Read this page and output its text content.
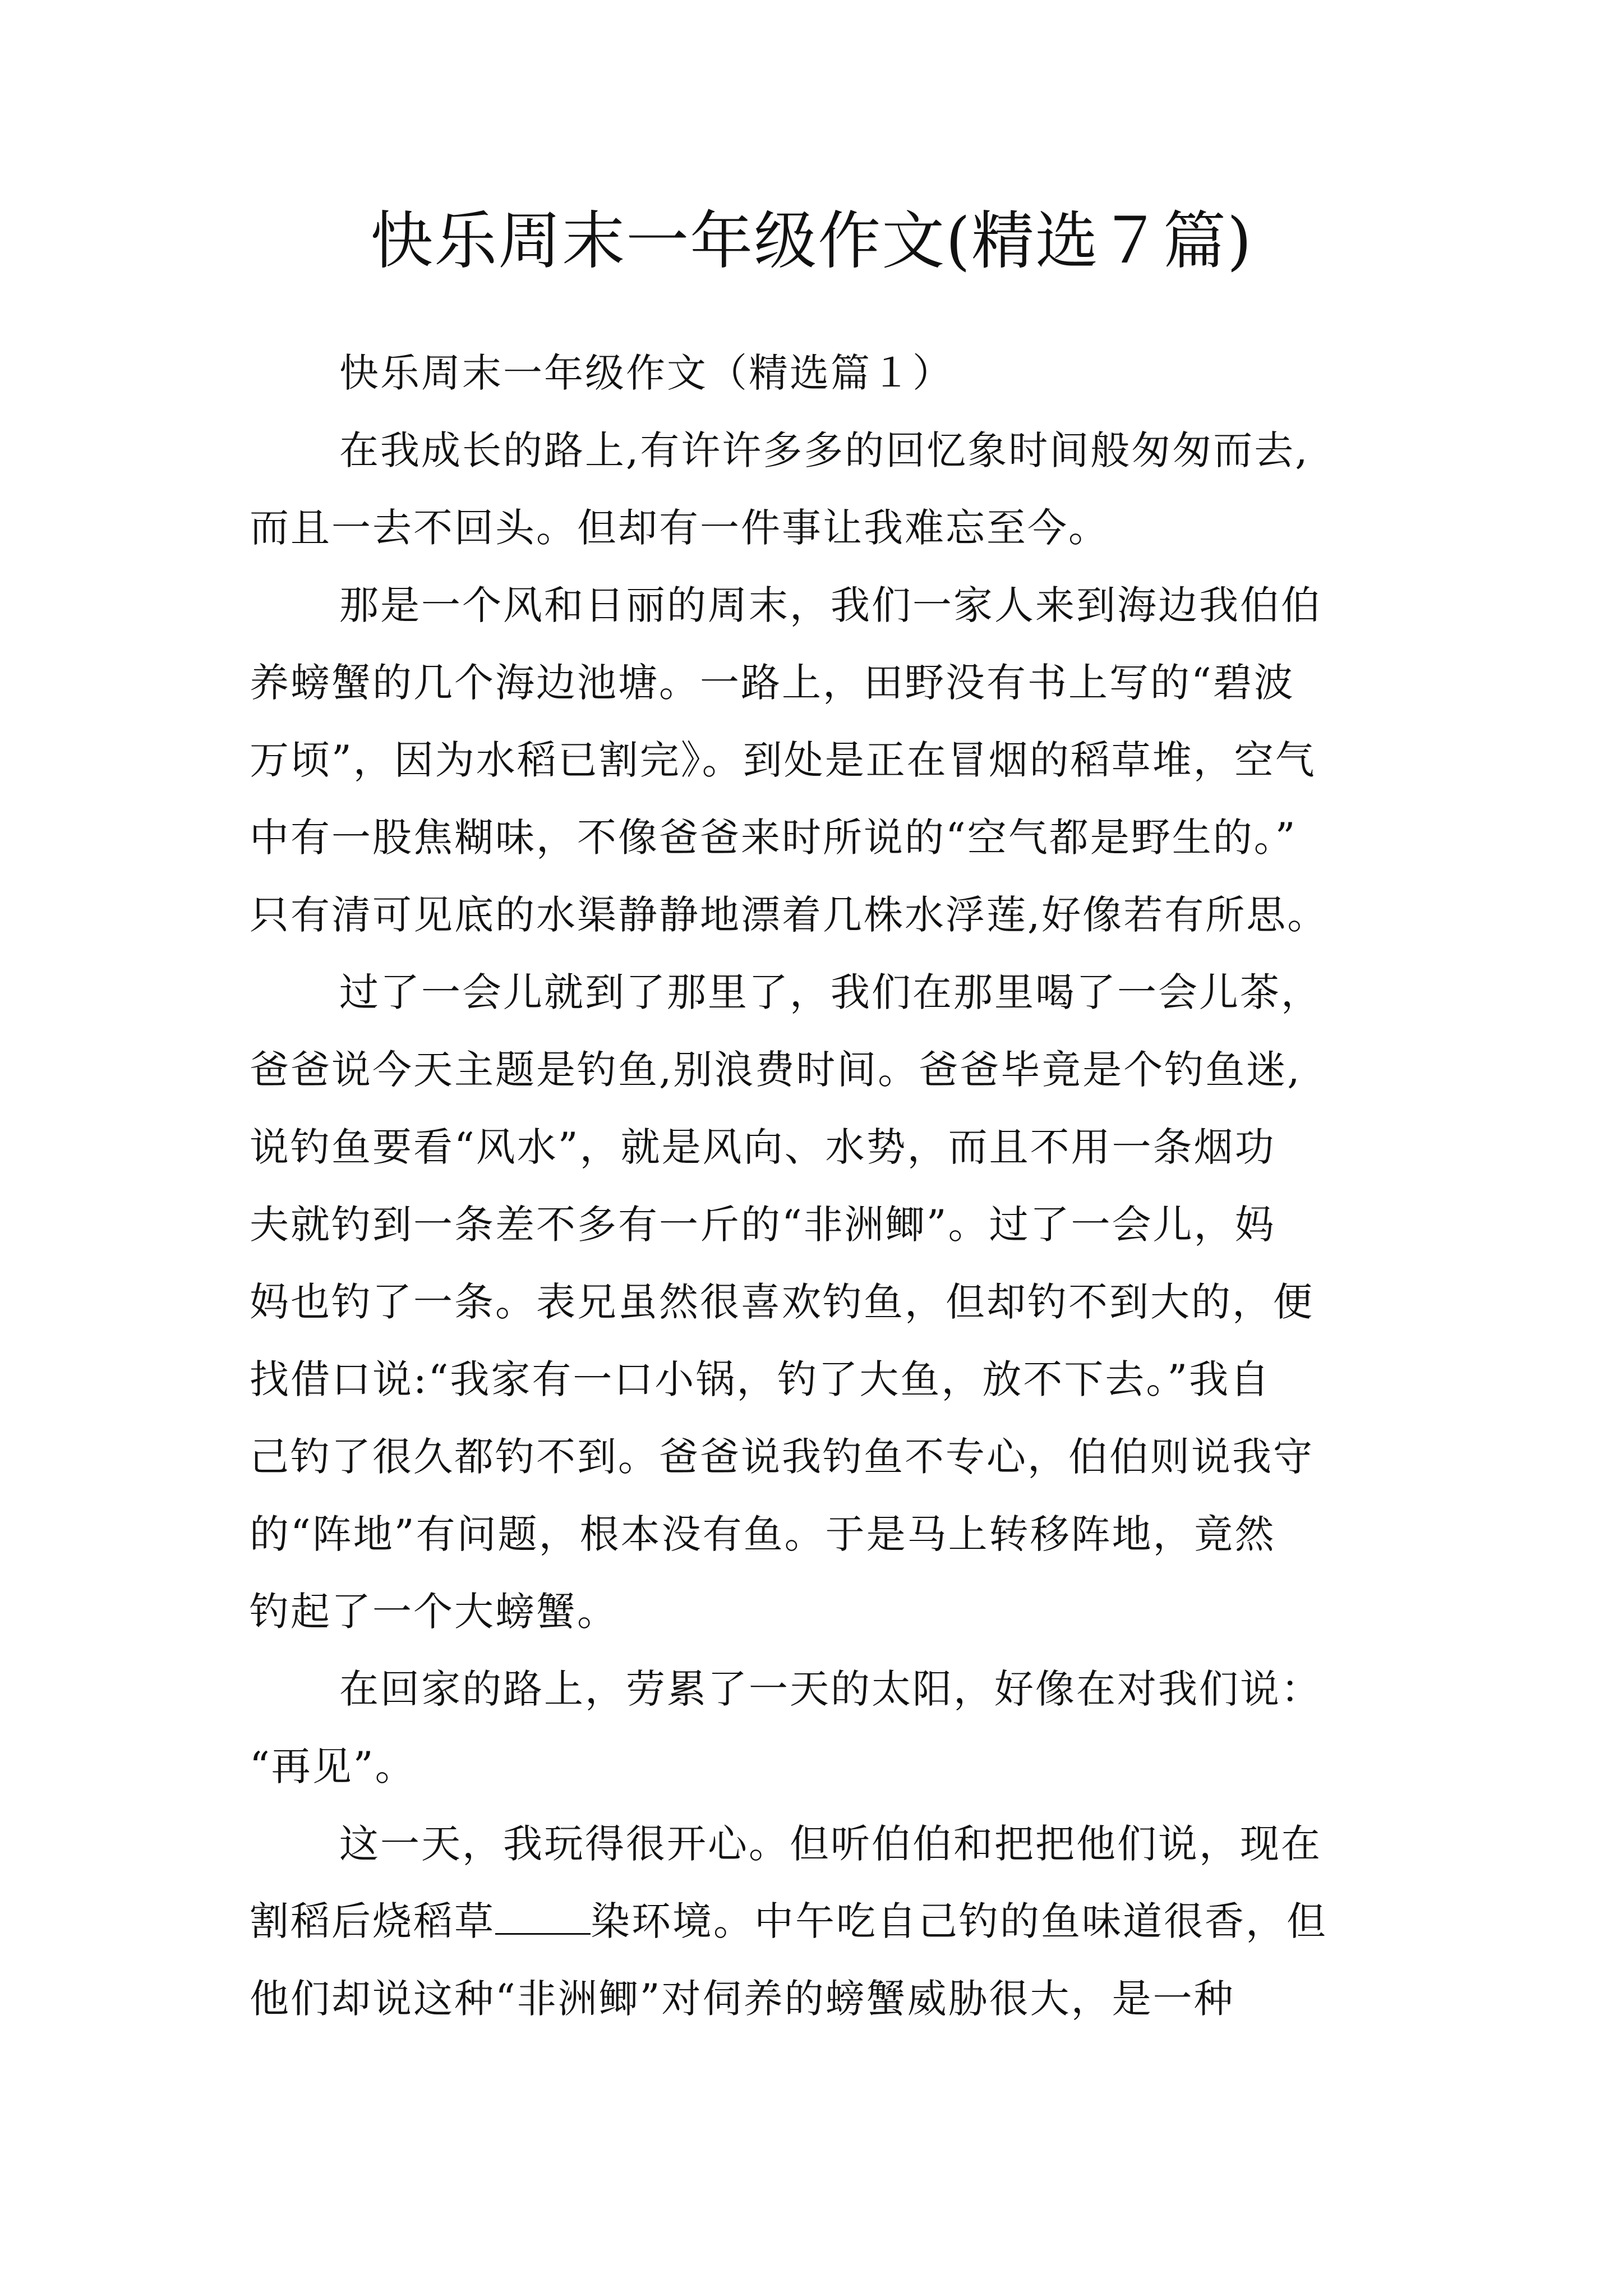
快乐周末一年级作文(精选７篇)

快乐周末一年级作文（精选篇１）

在我成长的路上,有许许多多的回忆象时间般匆匆而去,
而且一去不回头。但却有一件事让我难忘至今。

那是一个风和日丽的周末，我们一家人来到海边我伯伯
养螃蟹的几个海边池塘。一路上，田野没有书上写的“碧波
万顷”，因为水稻已割完》。到处是正在冒烟的稻草堆，空气
中有一股焦糊味，不像爸爸来时所说的“空气都是野生的。”
只有清可见底的水渠静静地漂着几株水浮莲,好像若有所思。

过了一会儿就到了那里了，我们在那里喝了一会儿茶，
爸爸说今天主题是钓鱼,别浪费时间。爸爸毕竟是个钓鱼迷,
说钓鱼要看“风水”，就是风向、水势，而且不用一条烟功
夫就钓到一条差不多有一斤的“非洲鲫”。过了一会儿，妈
妈也钓了一条。表兄虽然很喜欢钓鱼，但却钓不到大的，便
找借口说:“我家有一口小锅，钓了大鱼，放不下去。”我自
己钓了很久都钓不到。爸爸说我钓鱼不专心，伯伯则说我守
的“阵地”有问题，根本没有鱼。于是马上转移阵地，竟然
钓起了一个大螃蟹。

在回家的路上，劳累了一天的太阳，好像在对我们说：
“再见”。

这一天，我玩得很开心。但听伯伯和把把他们说，现在
割稻后烧稻草 染环境。中午吃自己钓的鱼味道很香，但
他们却说这种“非洲鲫”对伺养的螃蟹威胁很大，是一种
